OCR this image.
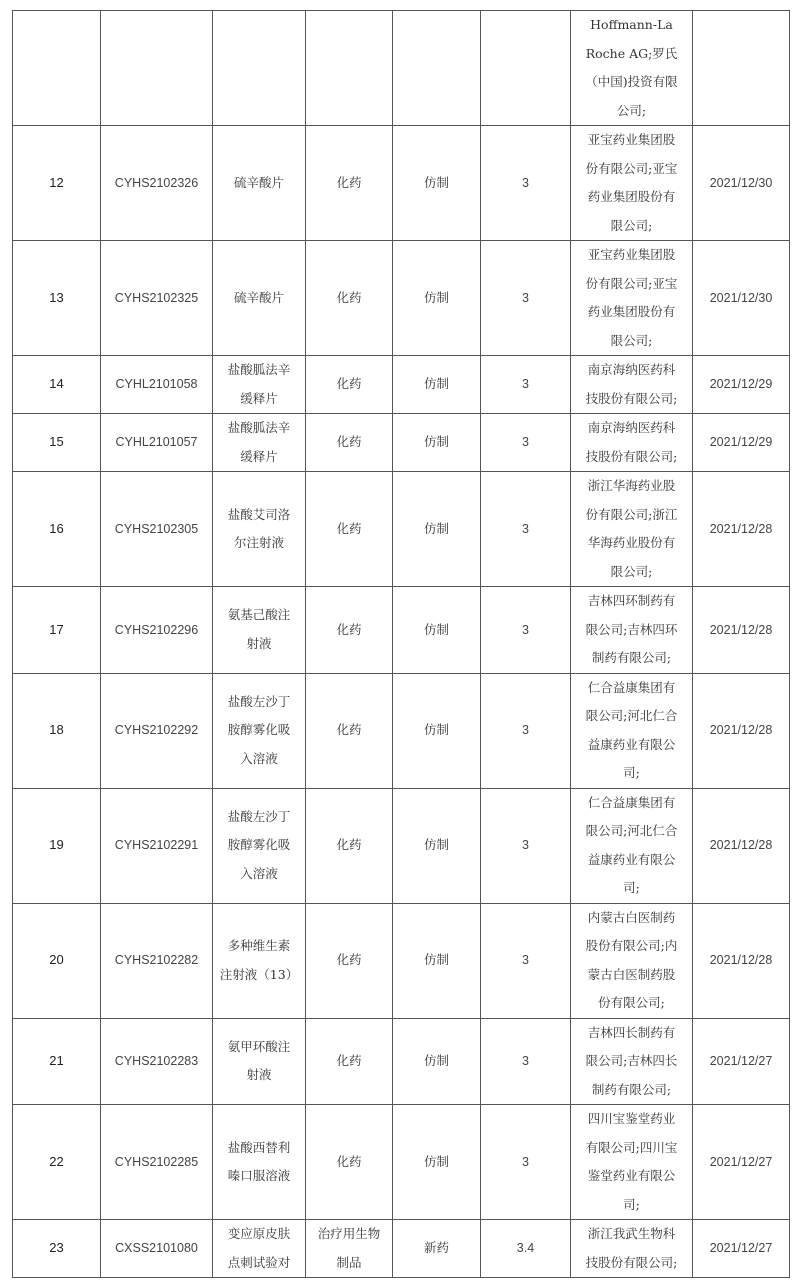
						Hoffmann-La
Roche AG;罗氏
（中国)投资有限
公司;	
12	CYHS2102326	硫辛酸片	化药	仿制	3	亚宝药业集团股
份有限公司;亚宝
药业集团股份有
限公司;	2021/12/30
13	CYHS2102325	硫辛酸片	化药	仿制	3	亚宝药业集团股
份有限公司;亚宝
药业集团股份有
限公司;	2021/12/30
14	CYHL2101058	盐酸胍法辛
缓释片	化药	仿制	3	南京海纳医药科
技股份有限公司;	2021/12/29
15	CYHL2101057	盐酸胍法辛
缓释片	化药	仿制	3	南京海纳医药科
技股份有限公司;	2021/12/29
16	CYHS2102305	盐酸艾司洛
尔注射液	化药	仿制	3	浙江华海药业股
份有限公司;浙江
华海药业股份有
限公司;	2021/12/28
17	CYHS2102296	氨基己酸注
射液	化药	仿制	3	吉林四环制药有
限公司;吉林四环
制药有限公司;	2021/12/28
18	CYHS2102292	盐酸左沙丁
胺醇雾化吸
入溶液	化药	仿制	3	仁合益康集团有
限公司;河北仁合
益康药业有限公
司;	2021/12/28
19	CYHS2102291	盐酸左沙丁
胺醇雾化吸
入溶液	化药	仿制	3	仁合益康集团有
限公司;河北仁合
益康药业有限公
司;	2021/12/28
20	CYHS2102282	多种维生素
注射液（13）	化药	仿制	3	内蒙古白医制药
股份有限公司;内
蒙古白医制药股
份有限公司;	2021/12/28
21	CYHS2102283	氨甲环酸注
射液	化药	仿制	3	吉林四长制药有
限公司;吉林四长
制药有限公司;	2021/12/27
22	CYHS2102285	盐酸西替利
嗪口服溶液	化药	仿制	3	四川宝鉴堂药业
有限公司;四川宝
鉴堂药业有限公
司;	2021/12/27
23	CXSS2101080	变应原皮肤
点刺试验对	治疗用生物
制品	新药	3.4	浙江我武生物科
技股份有限公司;	2021/12/27
